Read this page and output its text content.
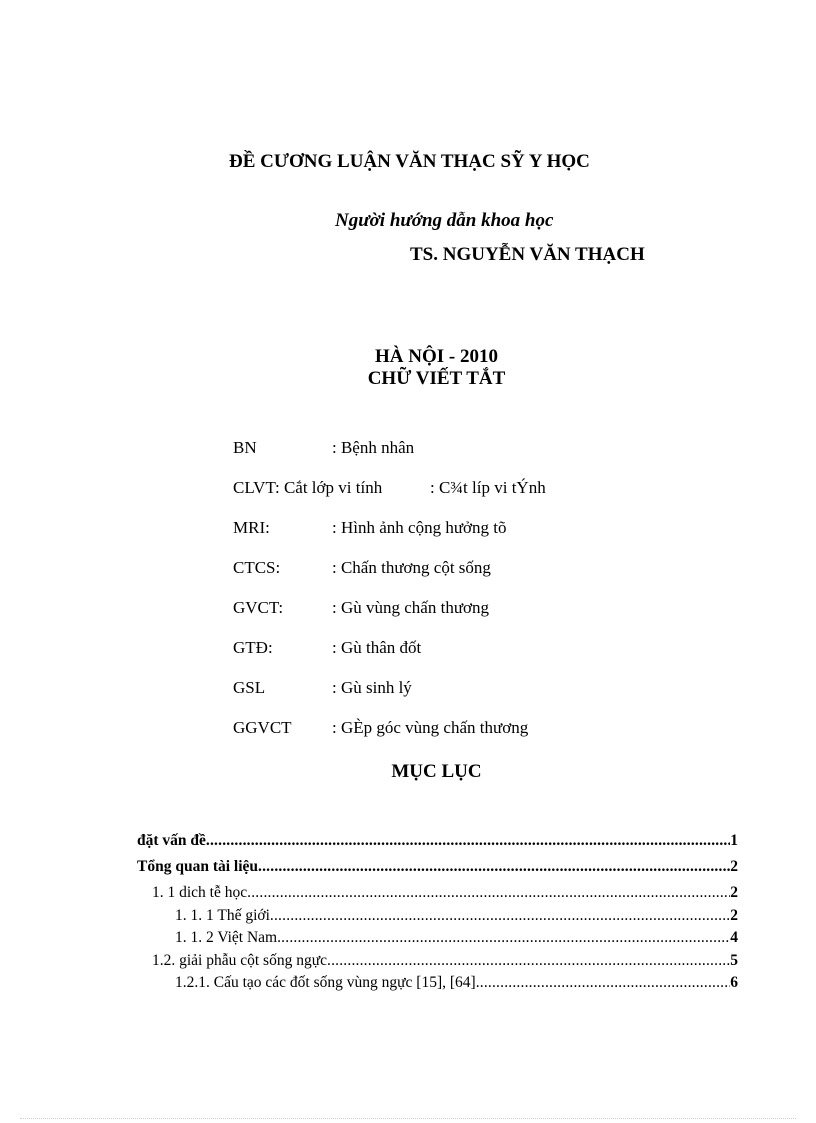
ĐỀ CƯƠNG LUẬN VĂN THẠC SỸ Y HỌC
Người hướng dẫn khoa học
TS. NGUYỄN VĂN THẠCH
HÀ NỘI - 2010
CHỮ VIẾT TẮT
BN	: Bệnh nhân
CLVT: Cắt lớp vi tính	: C¾t líp vi tÝnh
MRI:	: Hình ảnh cộng hưởng tõ
CTCS:	: Chấn thương cột sống
GVCT:	: Gù vùng chấn thương
GTĐ:	: Gù thân đốt
GSL	: Gù sinh lý
GGVCT : GÈp góc vùng chấn thương
MỤC LỤC
đặt vấn đề .....	1
Tổng quan tài liệu .....	2
1. 1 dich tễ học .....	2
1. 1. 1 Thế giới .....	2
1. 1. 2 Việt Nam .....	4
1.2. giải phẫu cột sống ngực .....	5
1.2.1. Cấu tạo các đốt sống vùng ngực [15], [64] .....	6
